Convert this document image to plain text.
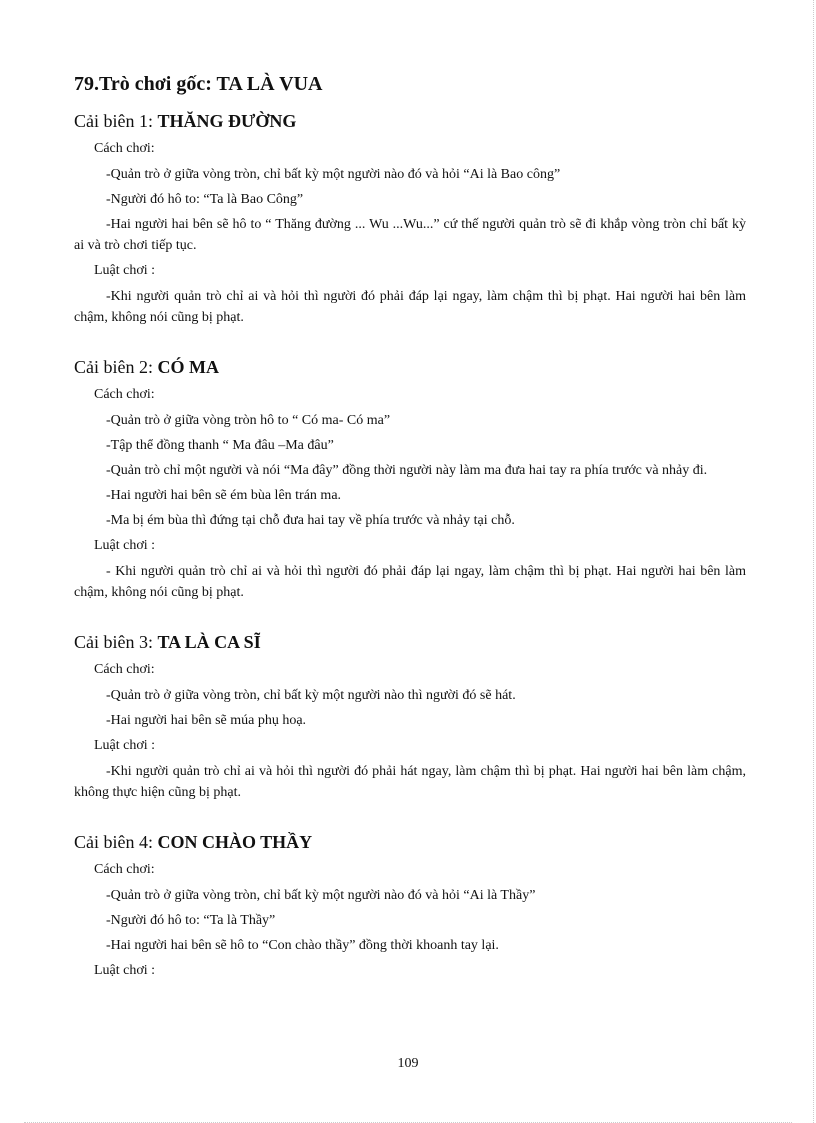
79.Trò chơi gốc: TA LÀ VUA
Cải biên 1: THĂNG ĐƯỜNG
Cách chơi:
-Quản trò ở giữa vòng tròn, chỉ bất kỳ một người nào đó và hỏi “Ai là Bao công”
-Người đó hô to: “Ta là Bao Công”
-Hai người hai bên sẽ hô to “ Thăng đường ... Wu ...Wu...” cứ thế người quản trò sẽ đi khắp vòng tròn chỉ bất kỳ ai và trò chơi tiếp tục.
Luật chơi :
-Khi người quản trò chỉ ai và hỏi thì người đó phải đáp lại ngay, làm chậm thì bị phạt. Hai người hai bên làm chậm, không nói cũng bị phạt.
Cải biên 2: CÓ MA
Cách chơi:
-Quản trò ở giữa vòng tròn hô to “ Có ma- Có ma”
-Tập thể đồng thanh “ Ma đâu –Ma đâu”
-Quản trò chỉ một người và nói “Ma đây” đồng thời người này làm ma đưa hai tay ra phía trước và nhảy đi.
-Hai người hai bên sẽ ém bùa lên trán ma.
-Ma bị ém bùa thì đứng tại chỗ đưa hai tay về phía trước và nhảy tại chỗ.
Luật chơi :
- Khi người quản trò chỉ ai và hỏi thì người đó phải đáp lại ngay, làm chậm thì bị phạt. Hai người hai bên làm chậm, không nói cũng bị phạt.
Cải biên 3: TA LÀ CA SĨ
Cách chơi:
-Quản trò ở giữa vòng tròn, chỉ bất kỳ một người nào thì người đó sẽ hát.
-Hai người hai bên sẽ múa phụ hoạ.
Luật chơi :
-Khi người quản trò chỉ ai và hỏi thì người đó phải hát ngay, làm chậm thì bị phạt. Hai người hai bên làm chậm, không thực hiện cũng bị phạt.
Cải biên 4: CON CHÀO THẦY
Cách chơi:
-Quản trò ở giữa vòng tròn, chỉ bất kỳ một người nào đó và hỏi “Ai là Thầy”
-Người đó hô to: “Ta là Thầy”
-Hai người hai bên sẽ hô to “Con chào thầy” đồng thời khoanh tay lại.
Luật chơi :
109
